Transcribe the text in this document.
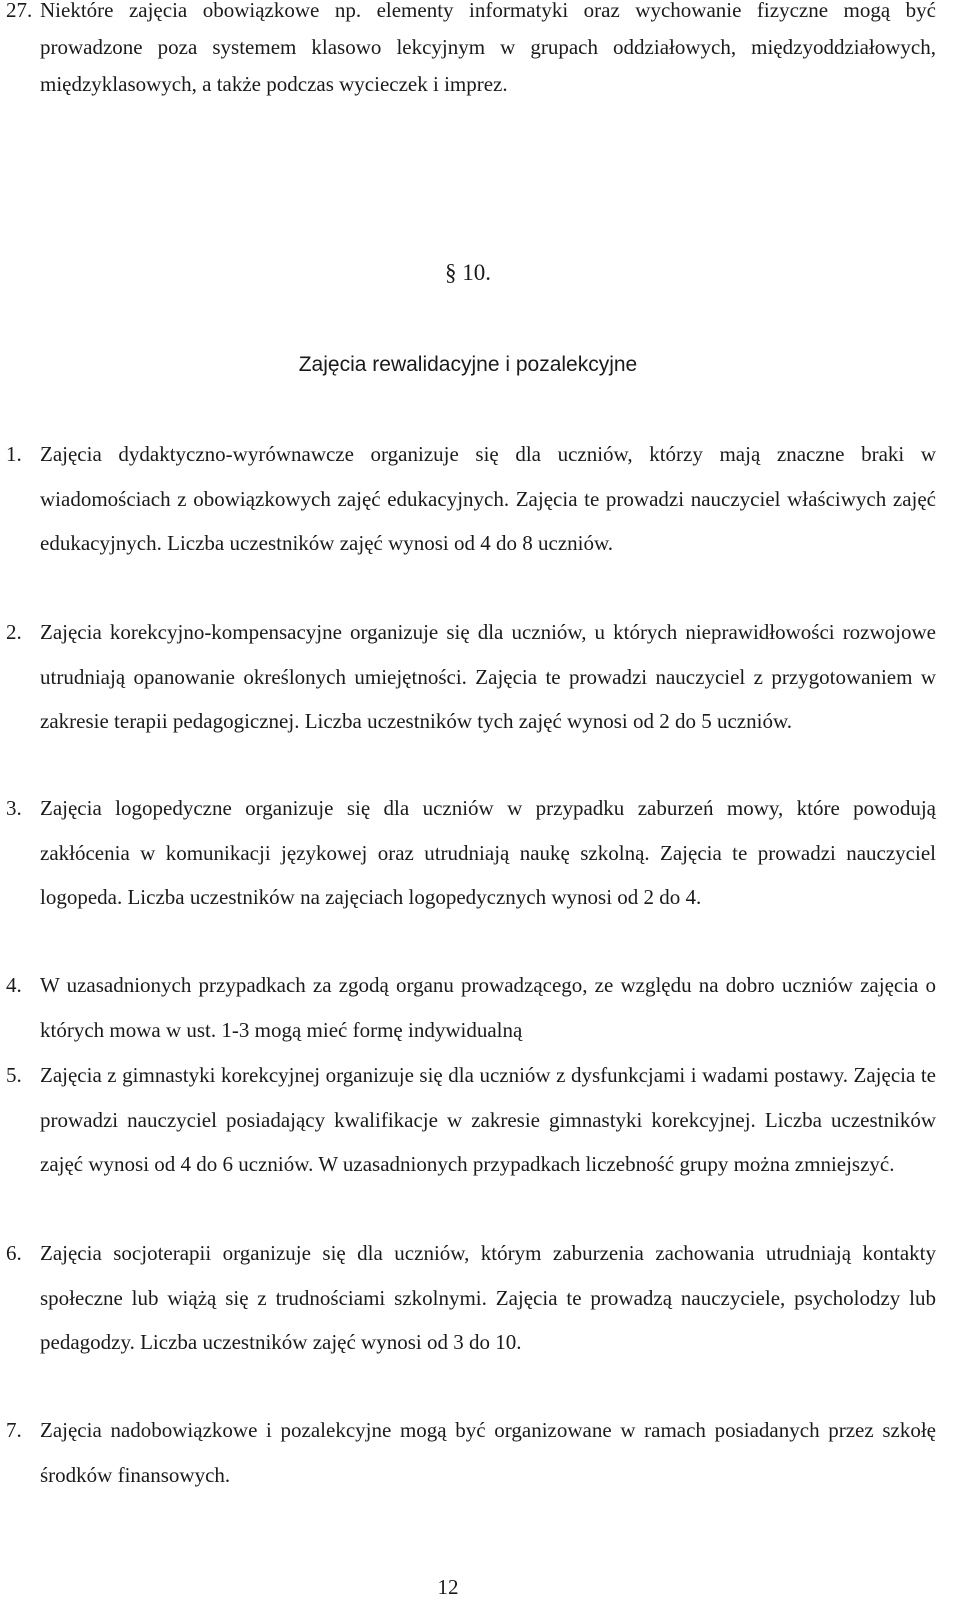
27. Niektóre zajęcia obowiązkowe np. elementy informatyki oraz wychowanie fizyczne mogą być prowadzone poza systemem klasowo lekcyjnym w grupach oddziałowych, międzyoddziałowych, międzyklasowych, a także podczas wycieczek i imprez.
§ 10.
Zajęcia rewalidacyjne i pozalekcyjne
1. Zajęcia dydaktyczno-wyrównawcze organizuje się dla uczniów, którzy mają znaczne braki w wiadomościach z obowiązkowych zajęć edukacyjnych. Zajęcia te prowadzi nauczyciel właściwych zajęć edukacyjnych. Liczba uczestników zajęć wynosi od 4 do 8 uczniów.
2. Zajęcia korekcyjno-kompensacyjne organizuje się dla uczniów, u których nieprawidłowości rozwojowe utrudniają opanowanie określonych umiejętności. Zajęcia te prowadzi nauczyciel z przygotowaniem w zakresie terapii pedagogicznej. Liczba uczestników tych zajęć wynosi od 2 do 5 uczniów.
3. Zajęcia logopedyczne organizuje się dla uczniów w przypadku zaburzeń mowy, które powodują zakłócenia w komunikacji językowej oraz utrudniają naukę szkolną. Zajęcia te prowadzi nauczyciel logopeda. Liczba uczestników na zajęciach logopedycznych wynosi od 2 do 4.
4. W uzasadnionych przypadkach za zgodą organu prowadzącego, ze względu na dobro uczniów zajęcia o których mowa w ust. 1-3 mogą mieć formę indywidualną
5. Zajęcia z gimnastyki korekcyjnej organizuje się dla uczniów z dysfunkcjami i wadami postawy. Zajęcia te prowadzi nauczyciel posiadający kwalifikacje w zakresie gimnastyki korekcyjnej. Liczba uczestników zajęć wynosi od 4 do 6 uczniów. W uzasadnionych przypadkach liczebność grupy można zmniejszyć.
6. Zajęcia socjoterapii organizuje się dla uczniów, którym zaburzenia zachowania utrudniają kontakty społeczne lub wiążą się z trudnościami szkolnymi. Zajęcia te prowadzą nauczyciele, psycholodzy lub pedagodzy. Liczba uczestników zajęć wynosi od 3 do 10.
7. Zajęcia nadobowiązkowe i pozalekcyjne mogą być organizowane w ramach posiadanych przez szkołę środków finansowych.
12
